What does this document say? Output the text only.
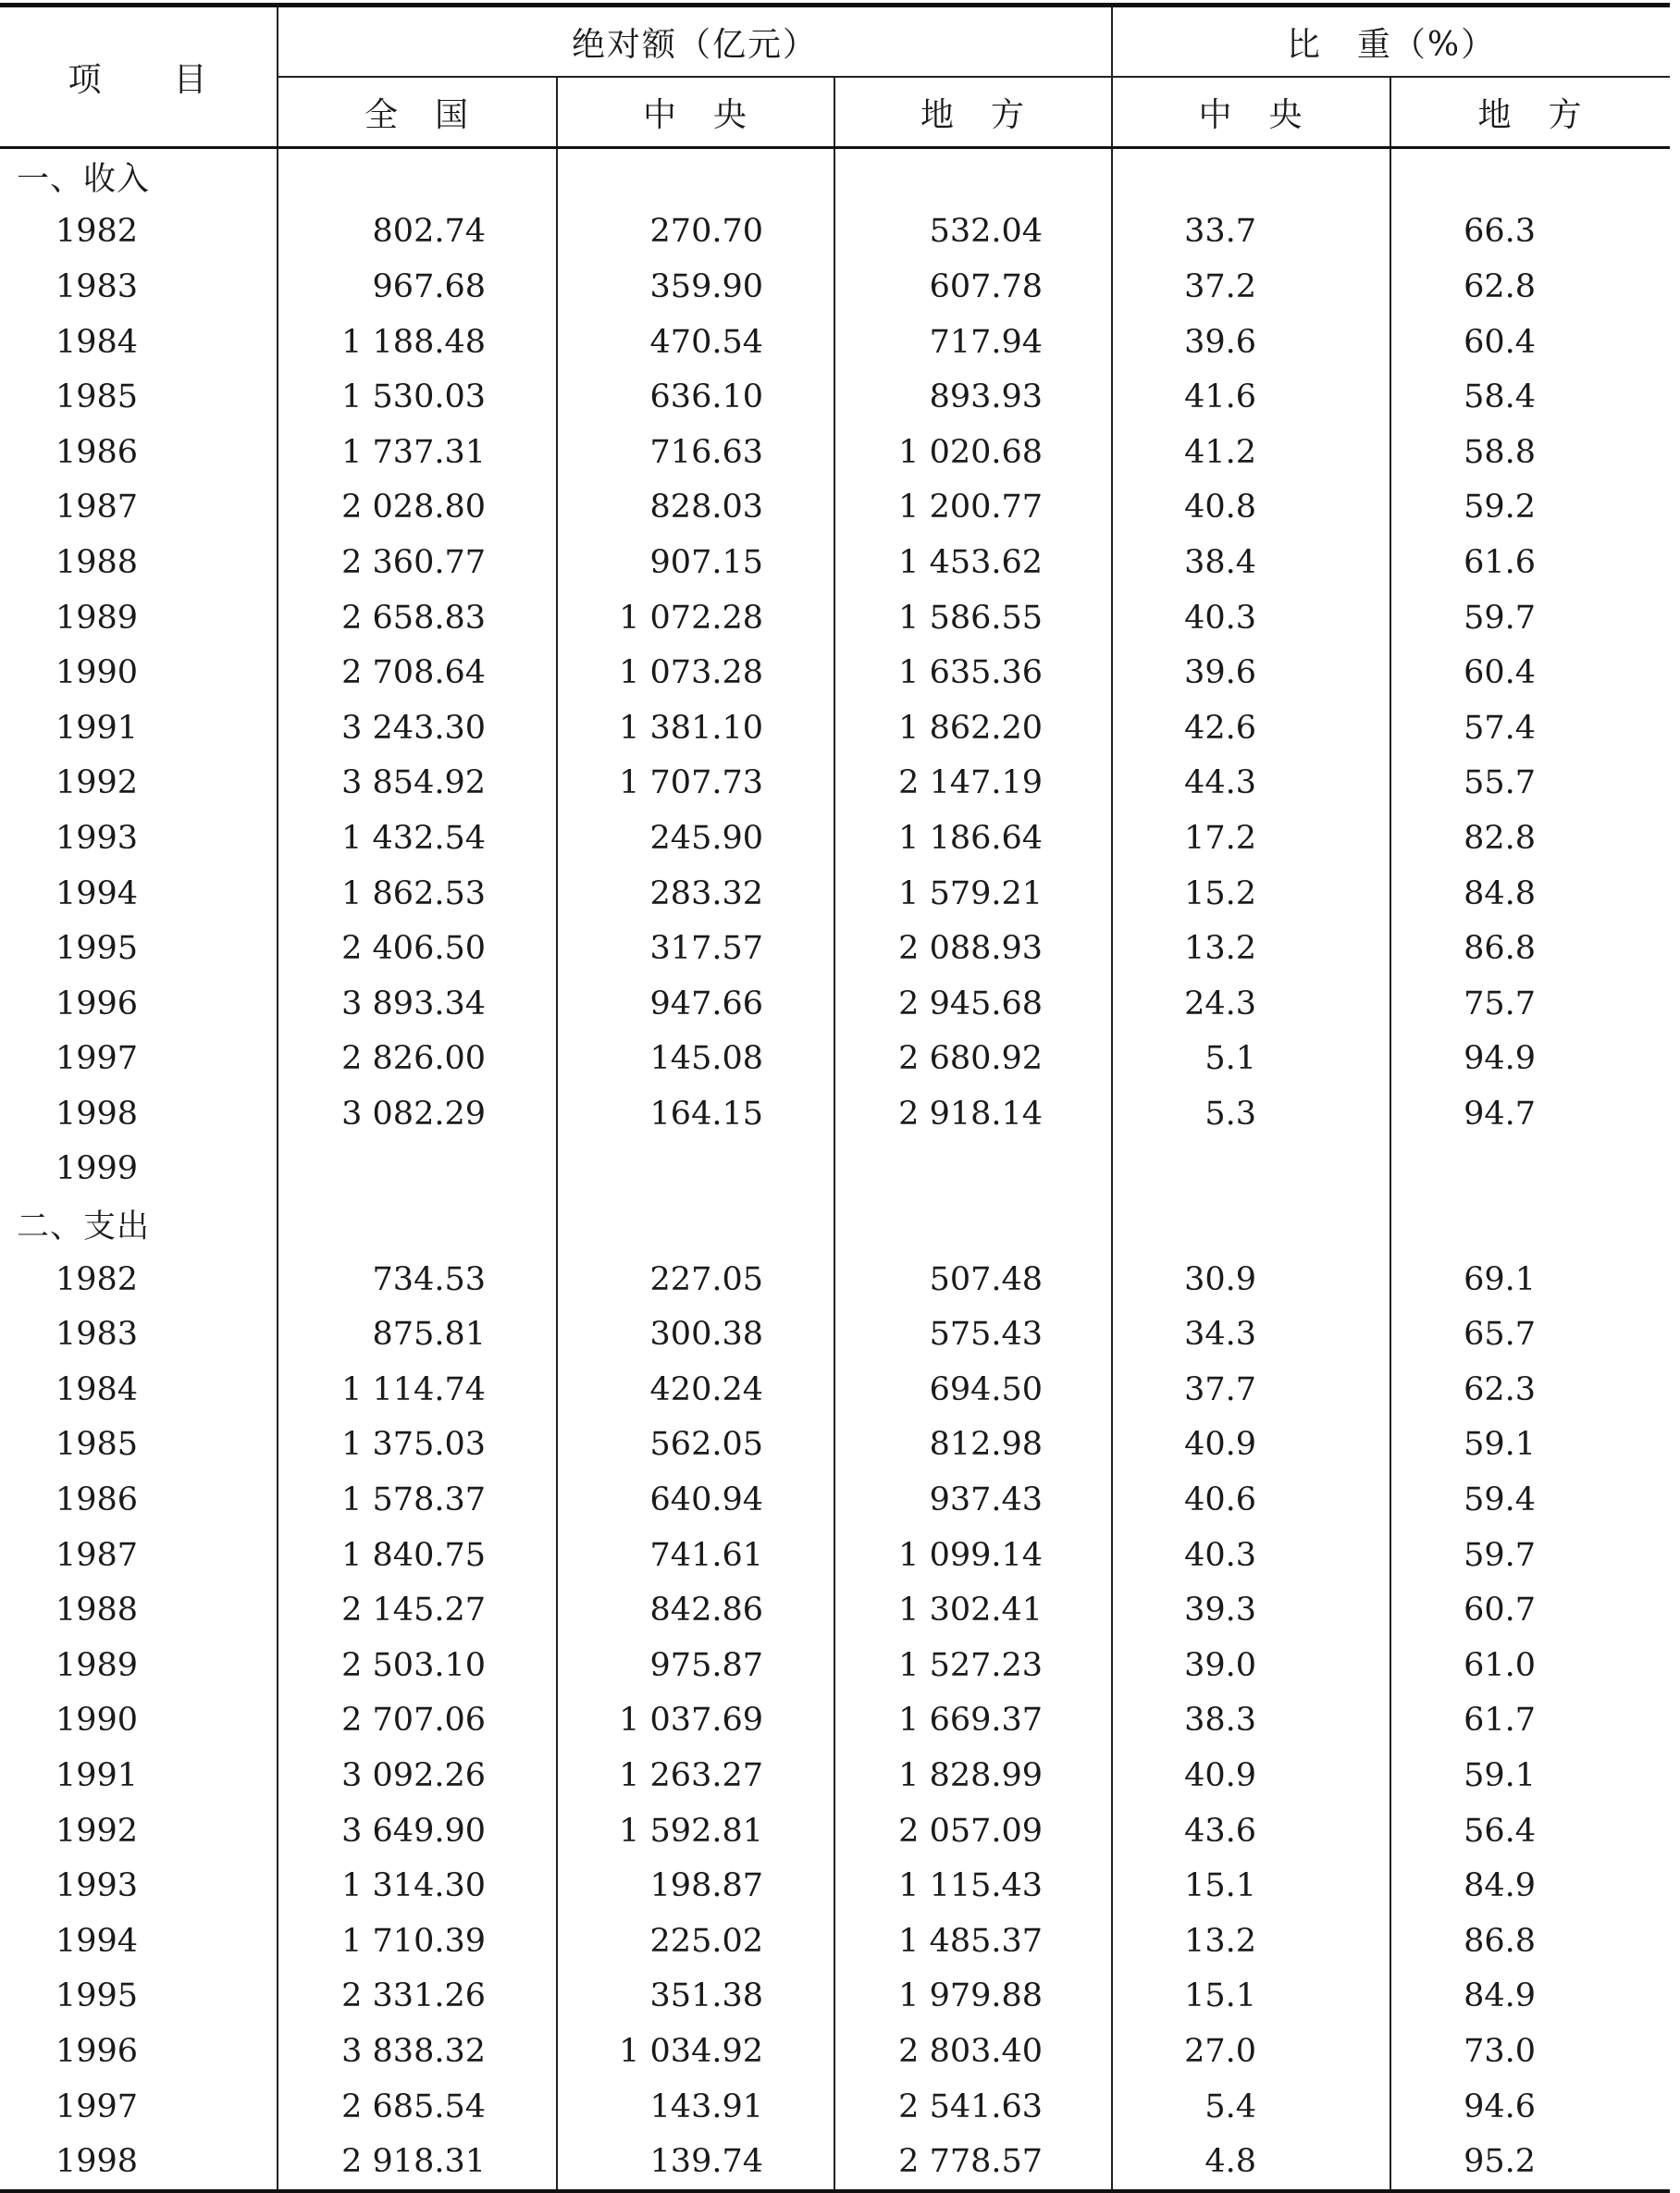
项　　目	绝对额（亿元）			比　重（%）	
	全　国	中　央	地　方	中　央	地　方
一、收入					
1982	802.74	270.70	532.04	33.7	66.3
1983	967.68	359.90	607.78	37.2	62.8
1984	1 188.48	470.54	717.94	39.6	60.4
1985	1 530.03	636.10	893.93	41.6	58.4
1986	1 737.31	716.63	1 020.68	41.2	58.8
1987	2 028.80	828.03	1 200.77	40.8	59.2
1988	2 360.77	907.15	1 453.62	38.4	61.6
1989	2 658.83	1 072.28	1 586.55	40.3	59.7
1990	2 708.64	1 073.28	1 635.36	39.6	60.4
1991	3 243.30	1 381.10	1 862.20	42.6	57.4
1992	3 854.92	1 707.73	2 147.19	44.3	55.7
1993	1 432.54	245.90	1 186.64	17.2	82.8
1994	1 862.53	283.32	1 579.21	15.2	84.8
1995	2 406.50	317.57	2 088.93	13.2	86.8
1996	3 893.34	947.66	2 945.68	24.3	75.7
1997	2 826.00	145.08	2 680.92	5.1	94.9
1998	3 082.29	164.15	2 918.14	5.3	94.7
1999					
二、支出					
1982	734.53	227.05	507.48	30.9	69.1
1983	875.81	300.38	575.43	34.3	65.7
1984	1 114.74	420.24	694.50	37.7	62.3
1985	1 375.03	562.05	812.98	40.9	59.1
1986	1 578.37	640.94	937.43	40.6	59.4
1987	1 840.75	741.61	1 099.14	40.3	59.7
1988	2 145.27	842.86	1 302.41	39.3	60.7
1989	2 503.10	975.87	1 527.23	39.0	61.0
1990	2 707.06	1 037.69	1 669.37	38.3	61.7
1991	3 092.26	1 263.27	1 828.99	40.9	59.1
1992	3 649.90	1 592.81	2 057.09	43.6	56.4
1993	1 314.30	198.87	1 115.43	15.1	84.9
1994	1 710.39	225.02	1 485.37	13.2	86.8
1995	2 331.26	351.38	1 979.88	15.1	84.9
1996	3 838.32	1 034.92	2 803.40	27.0	73.0
1997	2 685.54	143.91	2 541.63	5.4	94.6
1998	2 918.31	139.74	2 778.57	4.8	95.2
